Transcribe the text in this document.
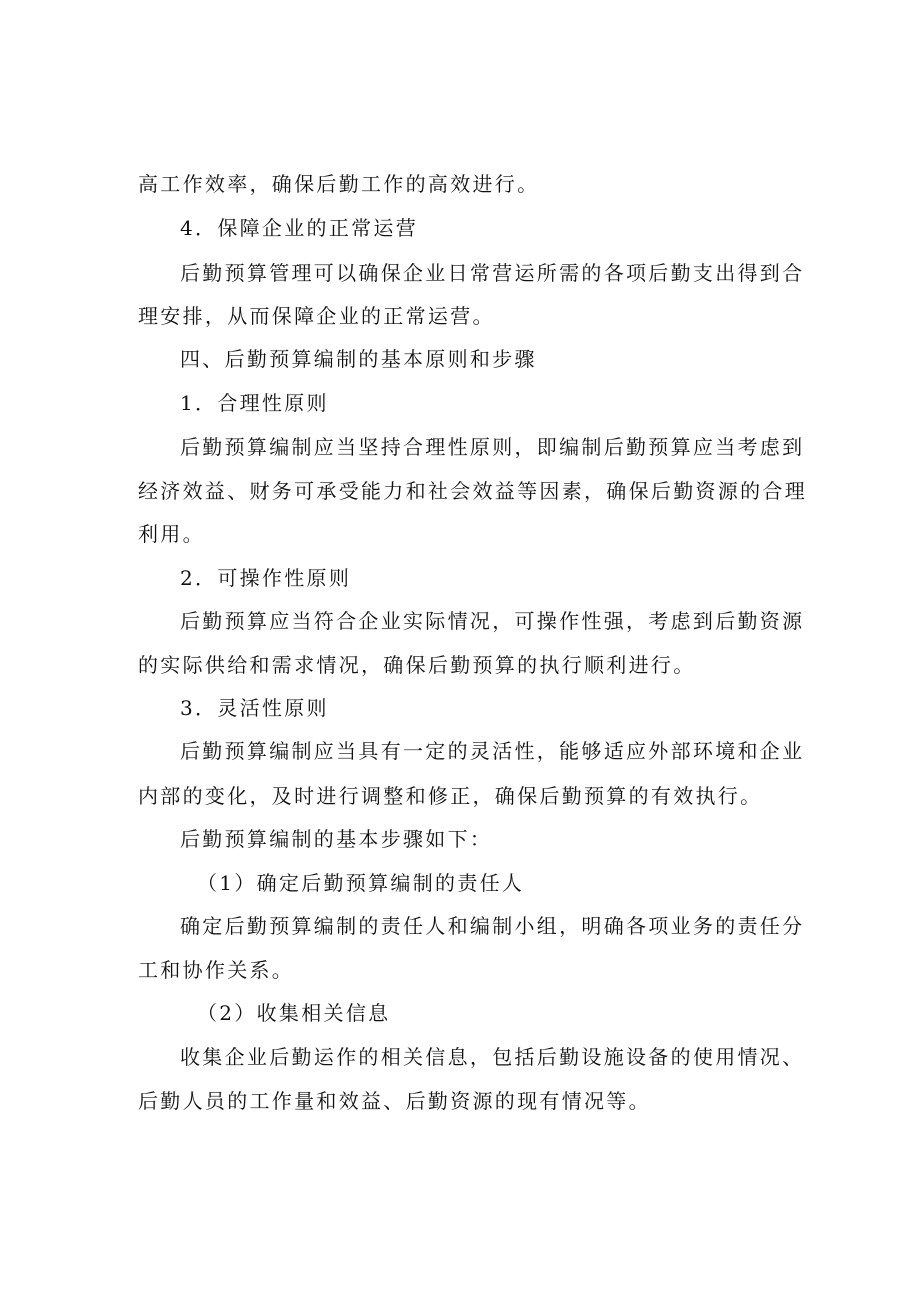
高工作效率，确保后勤工作的高效进行。
4．保障企业的正常运营
后勤预算管理可以确保企业日常营运所需的各项后勤支出得到合
理安排，从而保障企业的正常运营。
四、后勤预算编制的基本原则和步骤
1．合理性原则
后勤预算编制应当坚持合理性原则，即编制后勤预算应当考虑到
经济效益、财务可承受能力和社会效益等因素，确保后勤资源的合理
利用。
2．可操作性原则
后勤预算应当符合企业实际情况，可操作性强，考虑到后勤资源
的实际供给和需求情况，确保后勤预算的执行顺利进行。
3．灵活性原则
后勤预算编制应当具有一定的灵活性，能够适应外部环境和企业
内部的变化，及时进行调整和修正，确保后勤预算的有效执行。
后勤预算编制的基本步骤如下：
（1）确定后勤预算编制的责任人
确定后勤预算编制的责任人和编制小组，明确各项业务的责任分
工和协作关系。
（2）收集相关信息
收集企业后勤运作的相关信息，包括后勤设施设备的使用情况、
后勤人员的工作量和效益、后勤资源的现有情况等。
